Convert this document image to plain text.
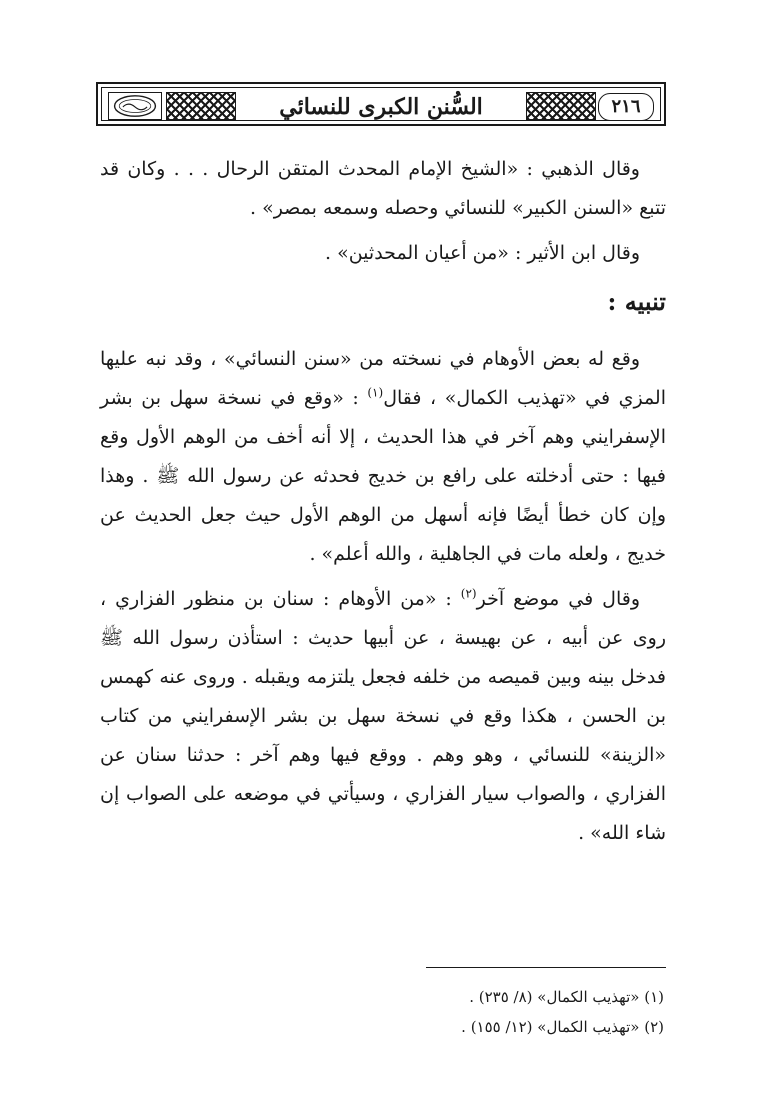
السُّنن الكبرى للنسائي	٢١٦

وقال الذهبي : «الشيخ الإمام المحدث المتقن الرحال . . . وكان قد تتبع «السنن الكبير» للنسائي وحصله وسمعه بمصر» .

وقال ابن الأثير : «من أعيان المحدثين» .

تنبيه :

وقع له بعض الأوهام في نسخته من «سنن النسائي» ، وقد نبه عليها المزي في «تهذيب الكمال» ، فقال$^{(١)}$ : «وقع في نسخة سهل بن بشر الإسفرايني وهم آخر في هذا الحديث ، إلا أنه أخف من الوهم الأول وقع فيها : حتى أدخلته على رافع بن خديج فحدثه عن رسول الله ﷺ . وهذا وإن كان خطأ أيضًا فإنه أسهل من الوهم الأول حيث جعل الحديث عن خديج ، ولعله مات في الجاهلية ، والله أعلم» .

وقال في موضع آخر$^{(٢)}$ : «من الأوهام : سنان بن منظور الفزاري ، روى عن أبيه ، عن بهيسة ، عن أبيها حديث : استأذن رسول الله ﷺ فدخل بينه وبين قميصه من خلفه فجعل يلتزمه ويقبله . وروى عنه كهمس بن الحسن ، هكذا وقع في نسخة سهل بن بشر الإسفرايني من كتاب «الزينة» للنسائي ، وهو وهم . ووقع فيها وهم آخر : حدثنا سنان عن الفزاري ، والصواب سيار الفزاري ، وسيأتي في موضعه على الصواب إن شاء الله» .

(١) «تهذيب الكمال» (٨/ ٢٣٥) .

(٢) «تهذيب الكمال» (١٢/ ١٥٥) .
